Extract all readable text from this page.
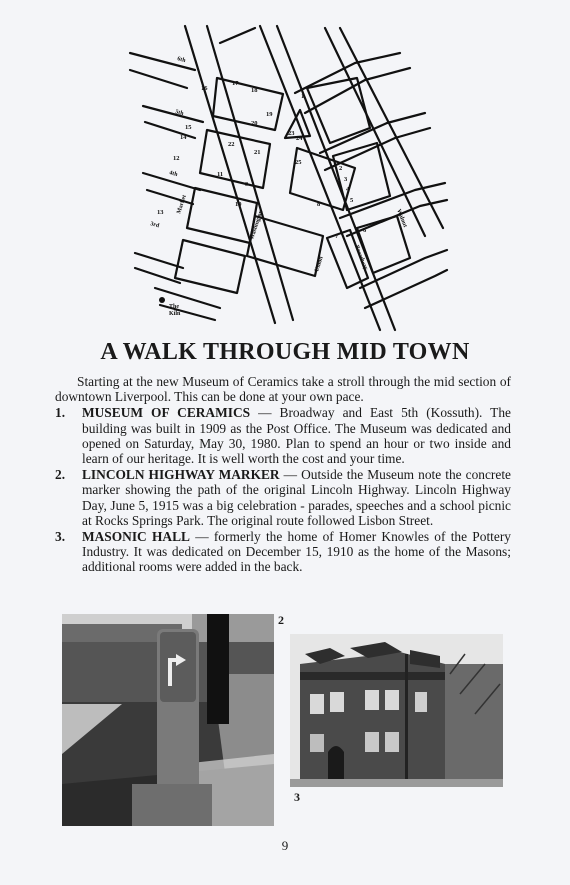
6th
5th
4th
3rd
Market
Washington
Union	Broadway
Walnut
The
Kiln
1
2
3
4
5
6
7
8
9
10
11
12
13
14
15
16
17
18
19
20
21
22
23
24
25
A WALK THROUGH MID TOWN

Starting at the new Museum of Ceramics take a stroll through the mid section of downtown Liverpool. This can be done at your own pace.

1.	MUSEUM OF CERAMICS — Broadway and East 5th (Kossuth). The building was built in 1909 as the Post Office. The Museum was dedicated and opened on Saturday, May 30, 1980. Plan to spend an hour or two inside and learn of our heritage. It is well worth the cost and your time.
2.	LINCOLN HIGHWAY MARKER — Outside the Museum note the concrete marker showing the path of the original Lincoln Highway. Lincoln Highway Day, June 5, 1915 was a big celebration - parades, speeches and a school picnic at Rocks Springs Park. The original route followed Lisbon Street.
3.	MASONIC HALL — formerly the home of Homer Knowles of the Pottery Industry. It was dedicated on December 15, 1910 as the home of the Masons; additional rooms were added in the back.
2
3
9
